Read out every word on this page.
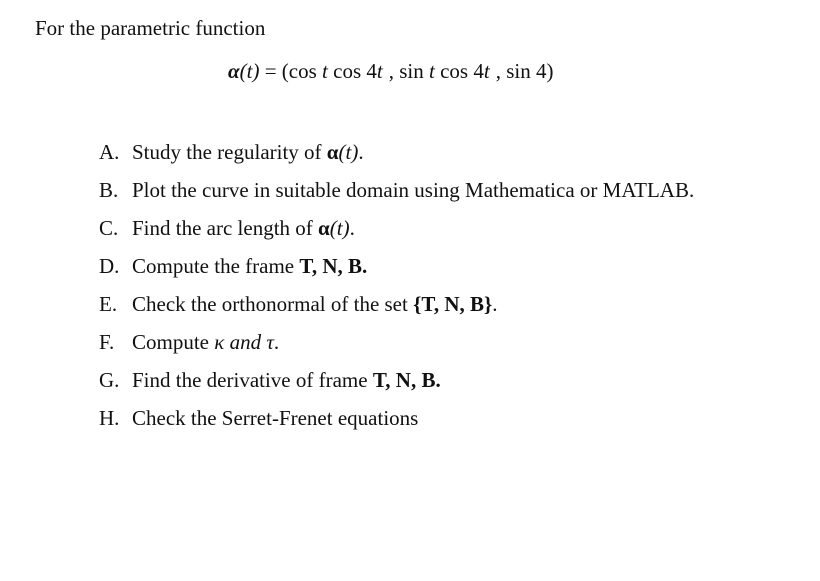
For the parametric function
α(t) = (cos t cos 4t , sin t cos 4t , sin 4)
A. Study the regularity of α(t).
B. Plot the curve in suitable domain using Mathematica or MATLAB.
C. Find the arc length of α(t).
D. Compute the frame T, N, B.
E. Check the orthonormal of the set {T, N, B}.
F. Compute κ and τ.
G. Find the derivative of frame T, N, B.
H. Check the Serret-Frenet equations
